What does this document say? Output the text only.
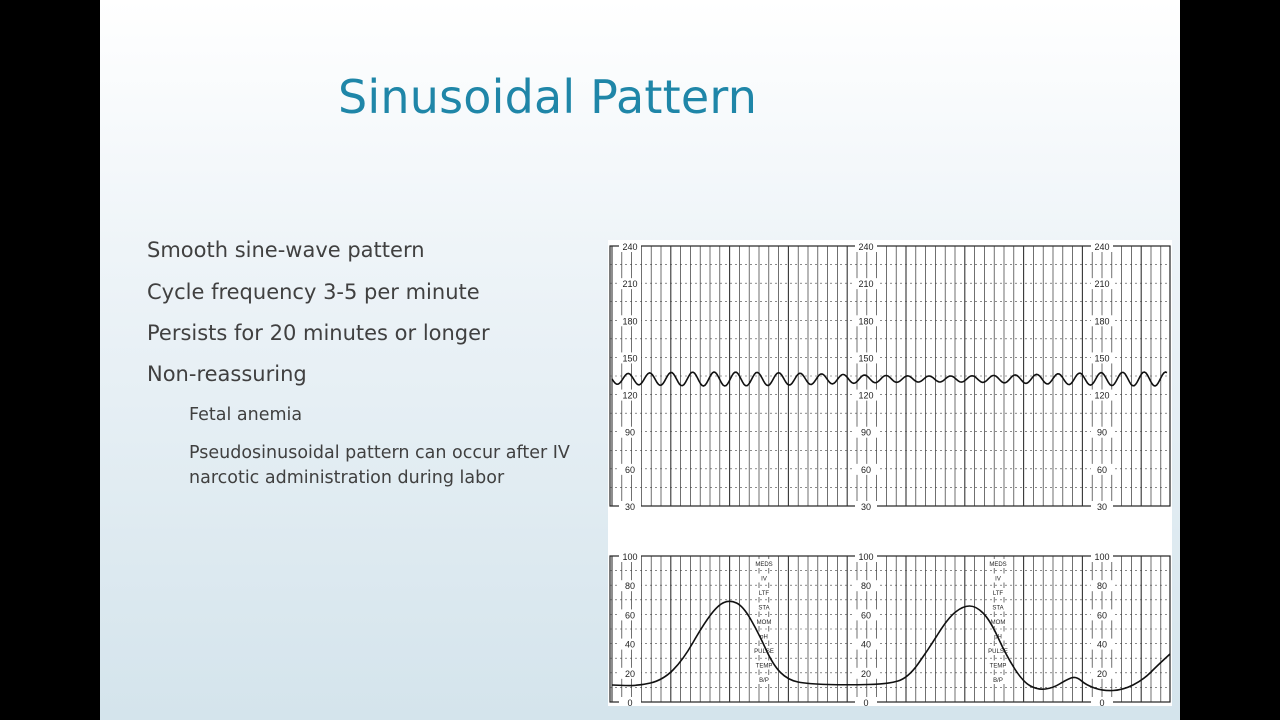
Sinusoidal Pattern
Smooth sine-wave pattern
Cycle frequency 3-5 per minute
Persists for 20 minutes or longer
Non-reassuring
Fetal anemia
Pseudosinusoidal pattern can occur after IV narcotic administration during labor
240	240	240
210	210	210
180	180	180
150	150	150
120	120	120
90	90	90
60	60	60
30	30	30
100	100	100
80	80	80
60	60	60
40	40	40
20	20	20
0	0	0
MEDS
IV
LTF
STA
MOM
pH
PULSE
TEMP
B/P
MEDS
IV
LTF
STA
MOM
pH
PULSE
TEMP
B/P
